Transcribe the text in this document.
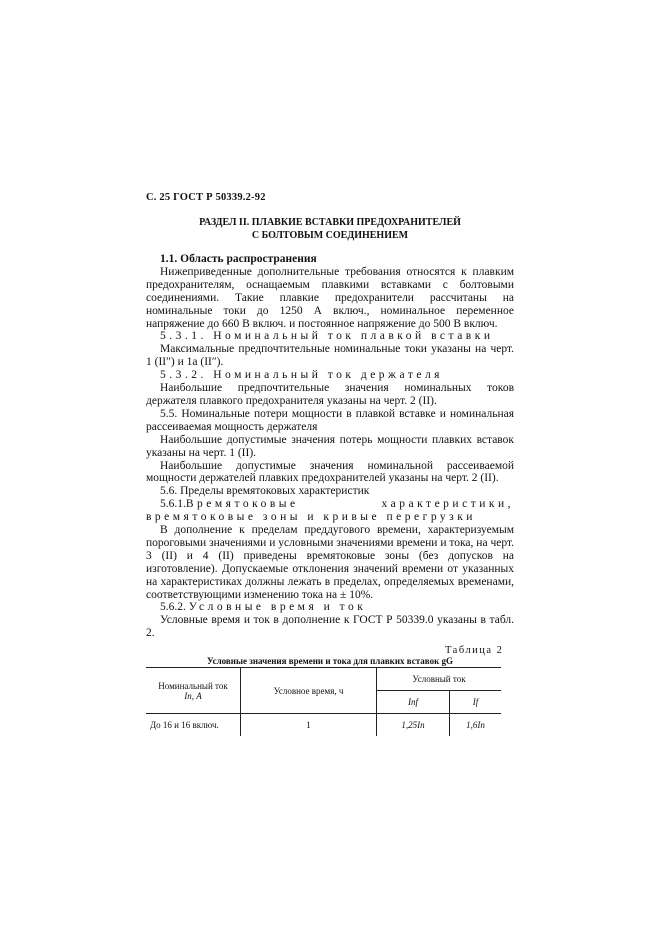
С. 25 ГОСТ Р 50339.2-92
РАЗДЕЛ II. ПЛАВКИЕ ВСТАВКИ ПРЕДОХРАНИТЕЛЕЙ
С БОЛТОВЫМ СОЕДИНЕНИЕМ

1.1. Область распространения

Нижеприведенные дополнительные требования относятся к плавким предохранителям, оснащаемым плавкими вставками с болтовыми соединениями. Такие плавкие предохранители рассчитаны на номинальные токи до 1250 А включ., номинальное переменное напряжение до 660 В включ. и постоянное напряжение до 500 В включ.

5.3.1. Номинальный ток плавкой вставки

Максимальные предпочтительные номинальные токи указаны на черт. 1 (II″) и 1а (II″).

5.3.2. Номинальный ток держателя

Наибольшие предпочтительные значения номинальных токов держателя плавкого предохранителя указаны на черт. 2 (II).

5.5. Номинальные потери мощности в плавкой вставке и номинальная рассеиваемая мощность держателя

Наибольшие допустимые значения потерь мощности плавких вставок указаны на черт. 1 (II).

Наибольшие допустимые значения номинальной рассеиваемой мощности держателей плавких предохранителей указаны на черт. 2 (II).

5.6. Пределы времятоковых характеристик

5.6.1.Времятоковые характеристики, времятоковые зоны и кривые перегрузки

В дополнение к пределам преддугового времени, характеризуемым пороговыми значениями и условными значениями времени и тока, на черт. 3 (II) и 4 (II) приведены времятоковые зоны (без допусков на изготовление). Допускаемые отклонения значений времени от указанных на характеристиках должны лежать в пределах, определяемых временами, соответствующими изменению тока на ± 10%.

5.6.2. Условные время и ток

Условные время и ток в дополнение к ГОСТ Р 50339.0 указаны в табл. 2.

Таблица 2
Условные значения времени и тока для плавких вставок gG
Номинальный ток
In, А	Условное время, ч	Условный ток	
		Inf	If
До 16 и 16 включ.	1	1,25In	1,6In
